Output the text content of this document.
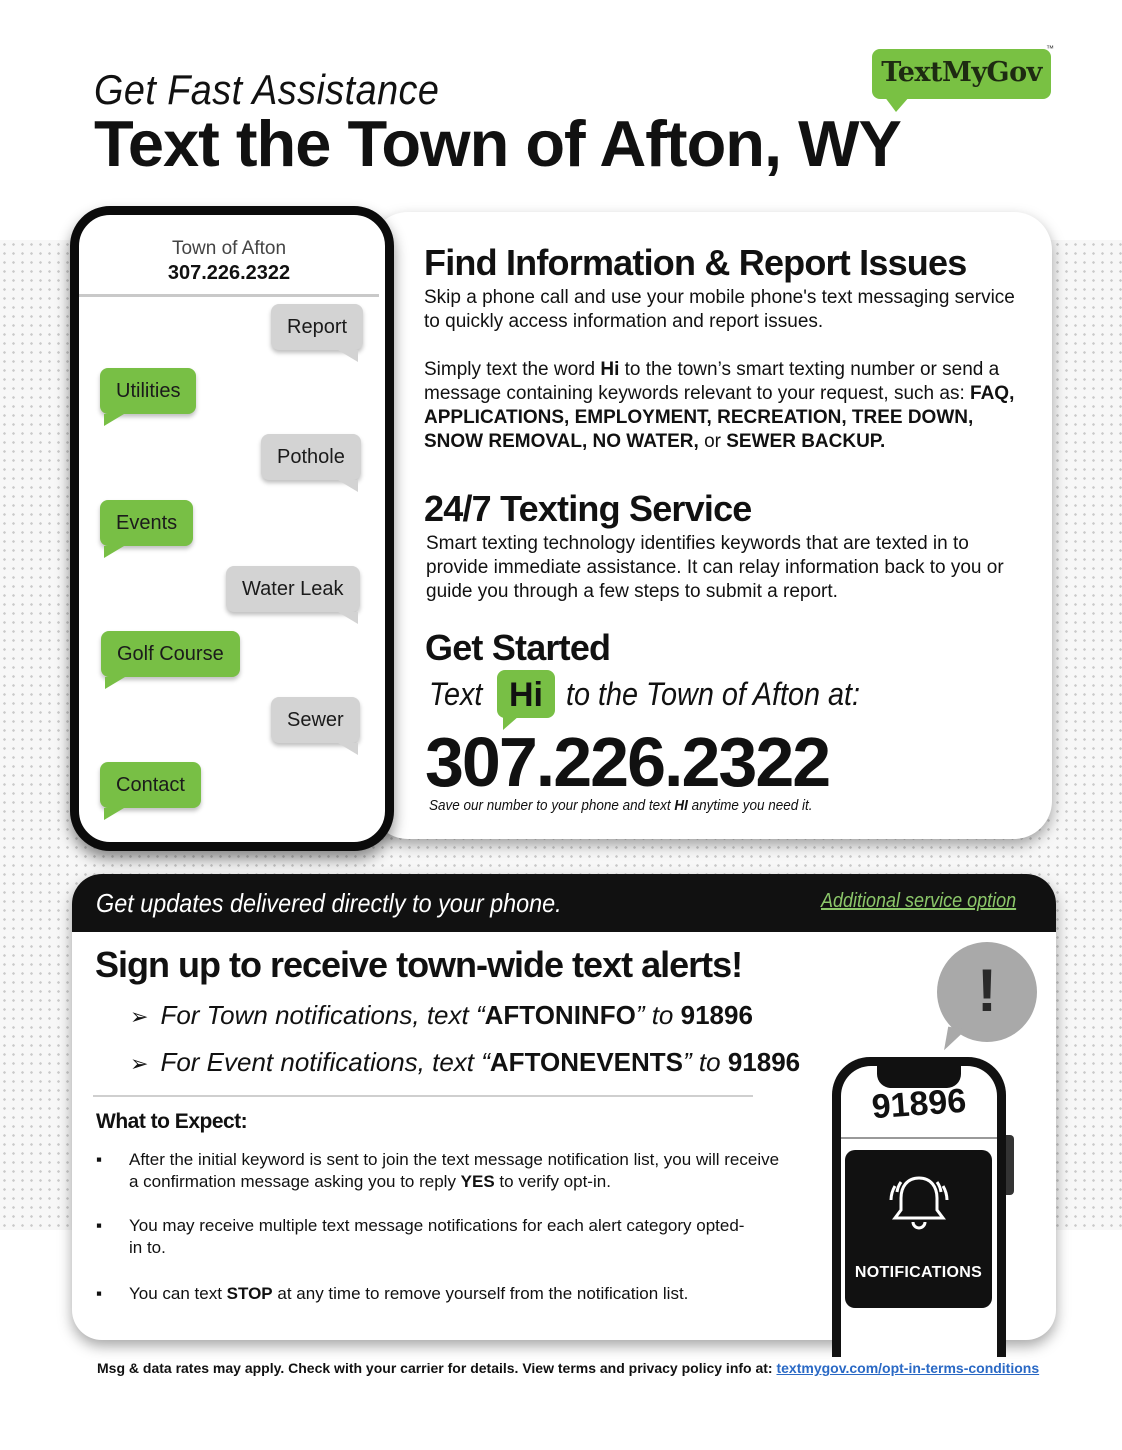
Get Fast Assistance
Text the Town of Afton, WY
TextMyGov
™
Find Information & Report Issues
Skip a phone call and use your mobile phone's text messaging service to quickly access information and report issues.
Simply text the word Hi to the town’s smart texting number or send a message containing keywords relevant to your request, such as: FAQ, APPLICATIONS, EMPLOYMENT, RECREATION, TREE DOWN, SNOW REMOVAL, NO WATER, or SEWER BACKUP.
24/7 Texting Service
Smart texting technology identifies keywords that are texted in to provide immediate assistance. It can relay information back to you or guide you through a few steps to submit a report.
Get Started
Text Hi to the Town of Afton at:
307.226.2322
Save our number to your phone and text HI anytime you need it.
Town of Afton
307.226.2322
Report
Utilities
Pothole
Events
Water Leak
Golf Course
Sewer
Contact
Get updates delivered directly to your phone.	Additional service option
Sign up to receive town-wide text alerts!
➢ For Town notifications, text “AFTONINFO” to 91896
➢ For Event notifications, text “AFTONEVENTS” to 91896
What to Expect:
▪ After the initial keyword is sent to join the text message notification list, you will receive a confirmation message asking you to reply YES to verify opt-in.
▪ You may receive multiple text message notifications for each alert category opted-in to.
▪ You can text STOP at any time to remove yourself from the notification list.
!
91896
NOTIFICATIONS
Msg & data rates may apply. Check with your carrier for details. View terms and privacy policy info at: textmygov.com/opt-in-terms-conditions
